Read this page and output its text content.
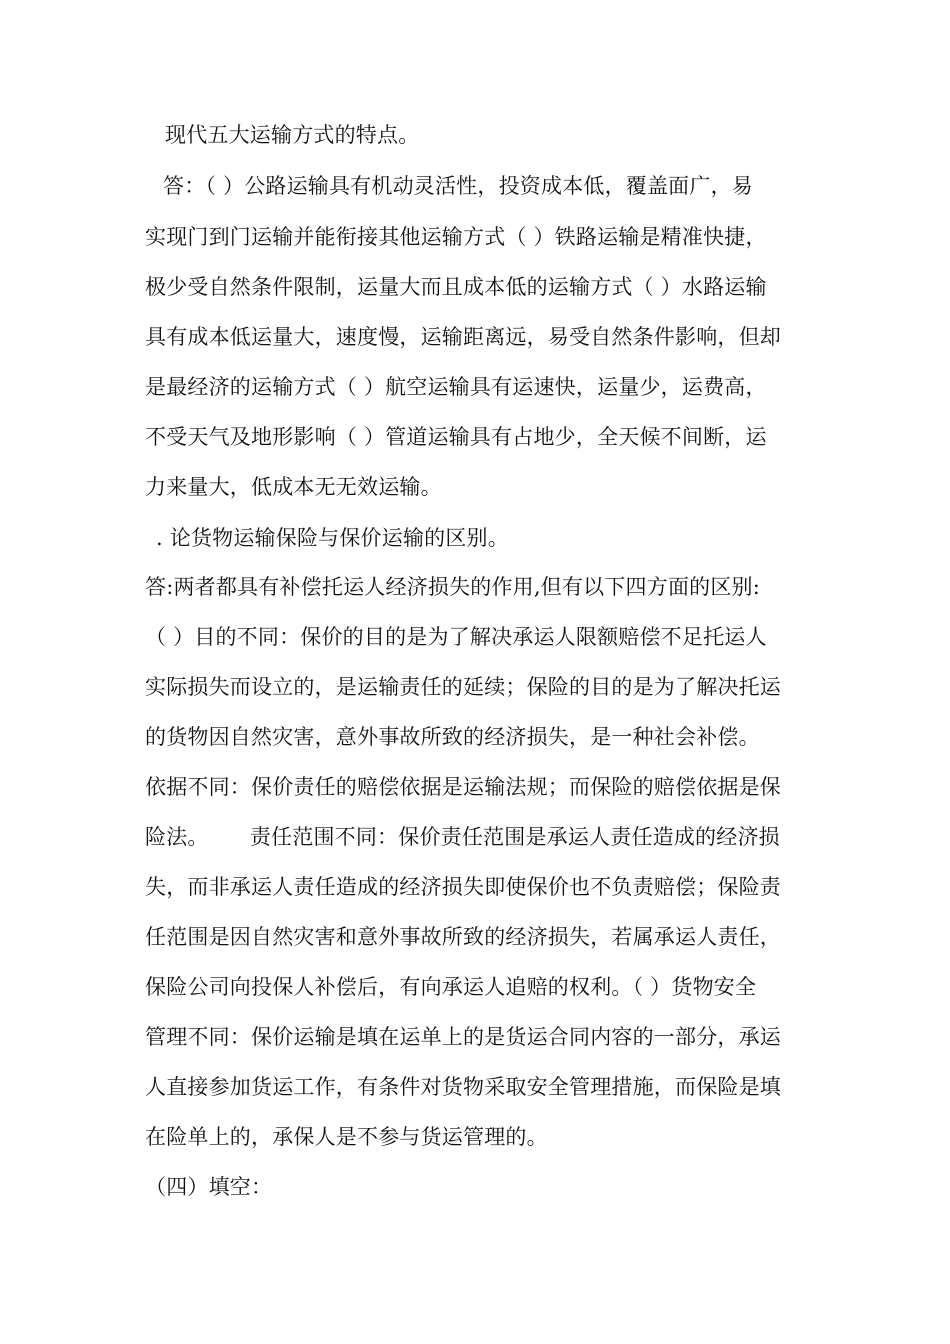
现代五大运输方式的特点。
答：（ ）公路运输具有机动灵活性，投资成本低，覆盖面广，易
实现门到门运输并能衔接其他运输方式（ ）铁路运输是精准快捷，
极少受自然条件限制，运量大而且成本低的运输方式（ ）水路运输
具有成本低运量大，速度慢，运输距离远，易受自然条件影响，但却
是最经济的运输方式（ ）航空运输具有运速快，运量少，运费高，
不受天气及地形影响（ ）管道运输具有占地少，全天候不间断，运
力来量大，低成本无无效运输。
. 论货物运输保险与保价运输的区别。
答:两者都具有补偿托运人经济损失的作用,但有以下四方面的区别:
（ ）目的不同：保价的目的是为了解决承运人限额赔偿不足托运人
实际损失而设立的，是运输责任的延续；保险的目的是为了解决托运
的货物因自然灾害，意外事故所致的经济损失，是一种社会补偿。
依据不同：保价责任的赔偿依据是运输法规；而保险的赔偿依据是保
险法。      责任范围不同：保价责任范围是承运人责任造成的经济损
失，而非承运人责任造成的经济损失即使保价也不负责赔偿；保险责
任范围是因自然灾害和意外事故所致的经济损失，若属承运人责任，
保险公司向投保人补偿后，有向承运人追赔的权利。（ ）货物安全
管理不同：保价运输是填在运单上的是货运合同内容的一部分，承运
人直接参加货运工作，有条件对货物采取安全管理措施，而保险是填
在险单上的，承保人是不参与货运管理的。
（四）填空：
